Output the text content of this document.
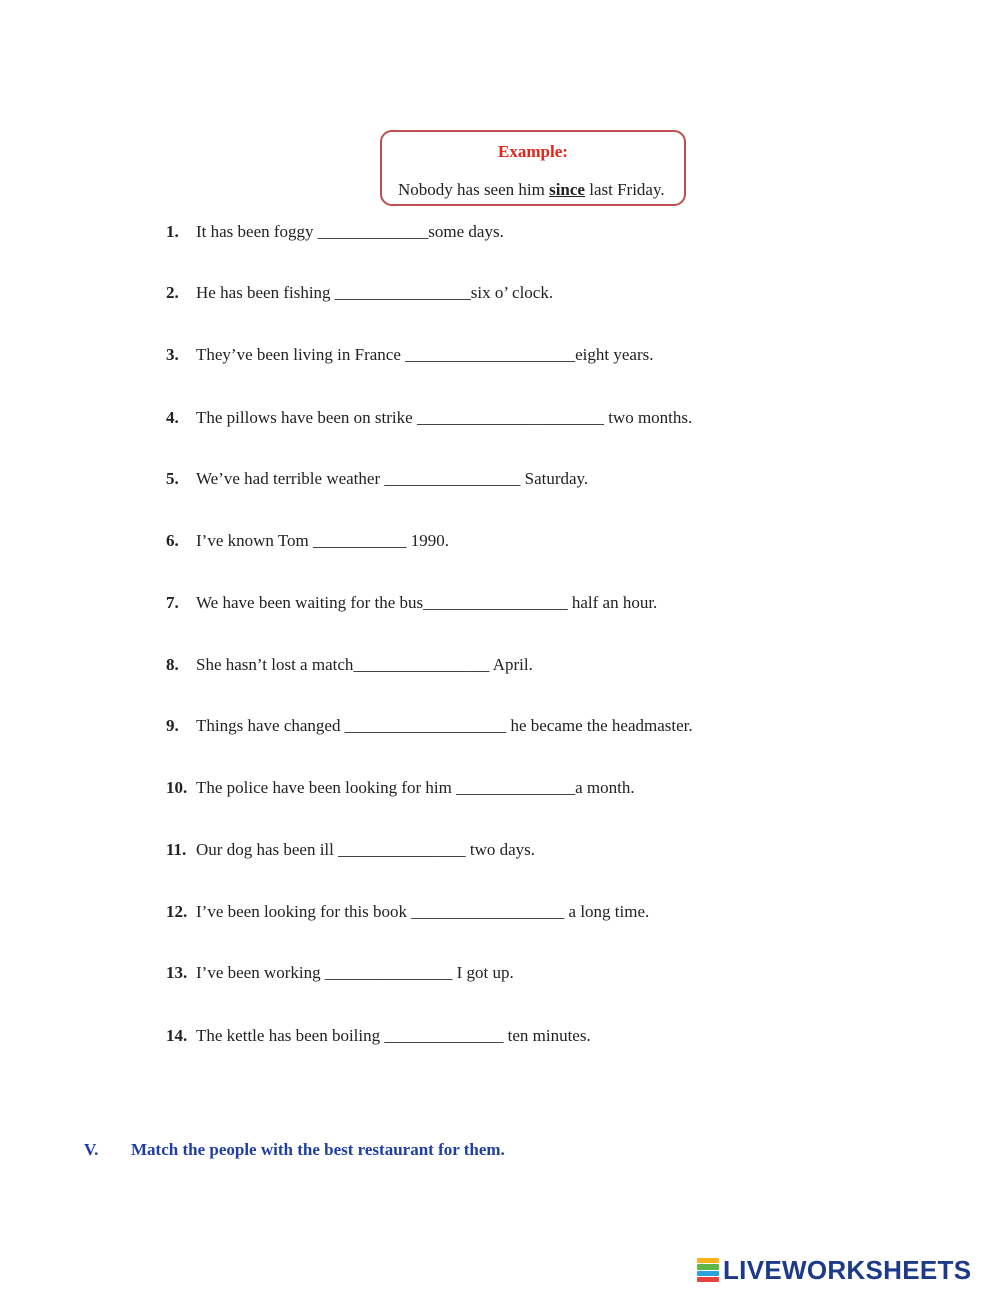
Example:
Nobody has seen him since last Friday.
1. It has been foggy _____________some days.
2. He has been fishing ________________six o’ clock.
3. They’ve been living in France ____________________eight years.
4. The pillows have been on strike ______________________ two months.
5. We’ve had terrible weather ________________ Saturday.
6. I’ve known Tom ___________ 1990.
7. We have been waiting for the bus_________________ half an hour.
8. She hasn’t lost a match________________ April.
9. Things have changed ___________________ he became the headmaster.
10. The police have been looking for him ______________a month.
11. Our dog has been ill _______________ two days.
12. I’ve been looking for this book __________________ a long time.
13. I’ve been working _______________ I got up.
14. The kettle has been boiling ______________ ten minutes.
V. Match the people with the best restaurant for them.
LIVEWORKSHEETS
